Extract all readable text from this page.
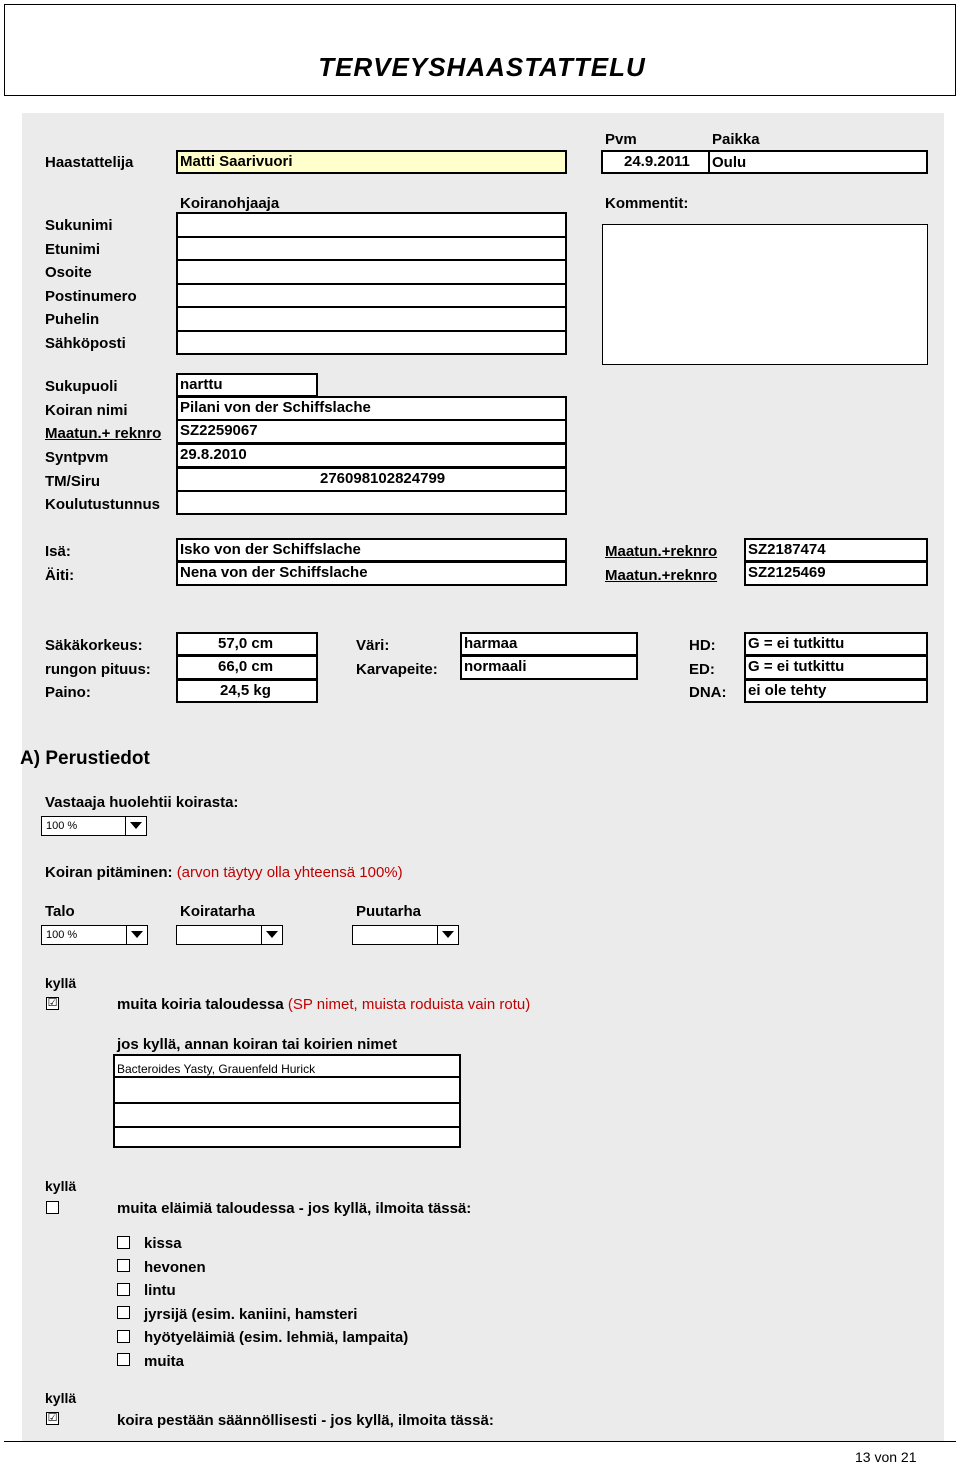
TERVEYSHAASTATTELU
Haastattelija	Matti Saarivuori
Pvm	Paikka
24.9.2011	Oulu
Koiranohjaaja	Kommentit:
Sukunimi
Etunimi
Osoite
Postinumero
Puhelin
Sähköposti
Sukupuoli	narttu
Koiran nimi	Pilani von der Schiffslache
Maatun.+ reknro SZ2259067
Syntpvm	29.8.2010
TM/Siru	276098102824799
Koulutustunnus
Isä:	Isko von der Schiffslache	Maatun.+reknro SZ2187474
Äiti:	Nena von der Schiffslache	Maatun.+reknro SZ2125469
Säkäkorkeus:	57,0 cm
rungon pituus:	66,0 cm
Paino:	24,5 kg
Väri:	harmaa
Karvapeite: normaali
HD: G = ei tutkittu
ED: G = ei tutkittu
DNA: ei ole tehty
A) Perustiedot
Vastaaja huolehtii koirasta:
100 %
Koiran pitäminen: (arvon täytyy olla yhteensä 100%)
Talo	Koiratarha	Puutarha
100 %
kyllä
☑	muita koiria taloudessa (SP nimet, muista roduista vain rotu)
jos kyllä, annan koiran tai koirien nimet
Bacteroides Yasty, Grauenfeld Hurick
kyllä
muita eläimiä taloudessa - jos kyllä, ilmoita tässä:
kissa
hevonen
lintu
jyrsijä (esim. kaniini, hamsteri
hyötyeläimiä (esim. lehmiä, lampaita)
muita
kyllä
☑	koira pestään säännöllisesti - jos kyllä, ilmoita tässä:
13 von 21
